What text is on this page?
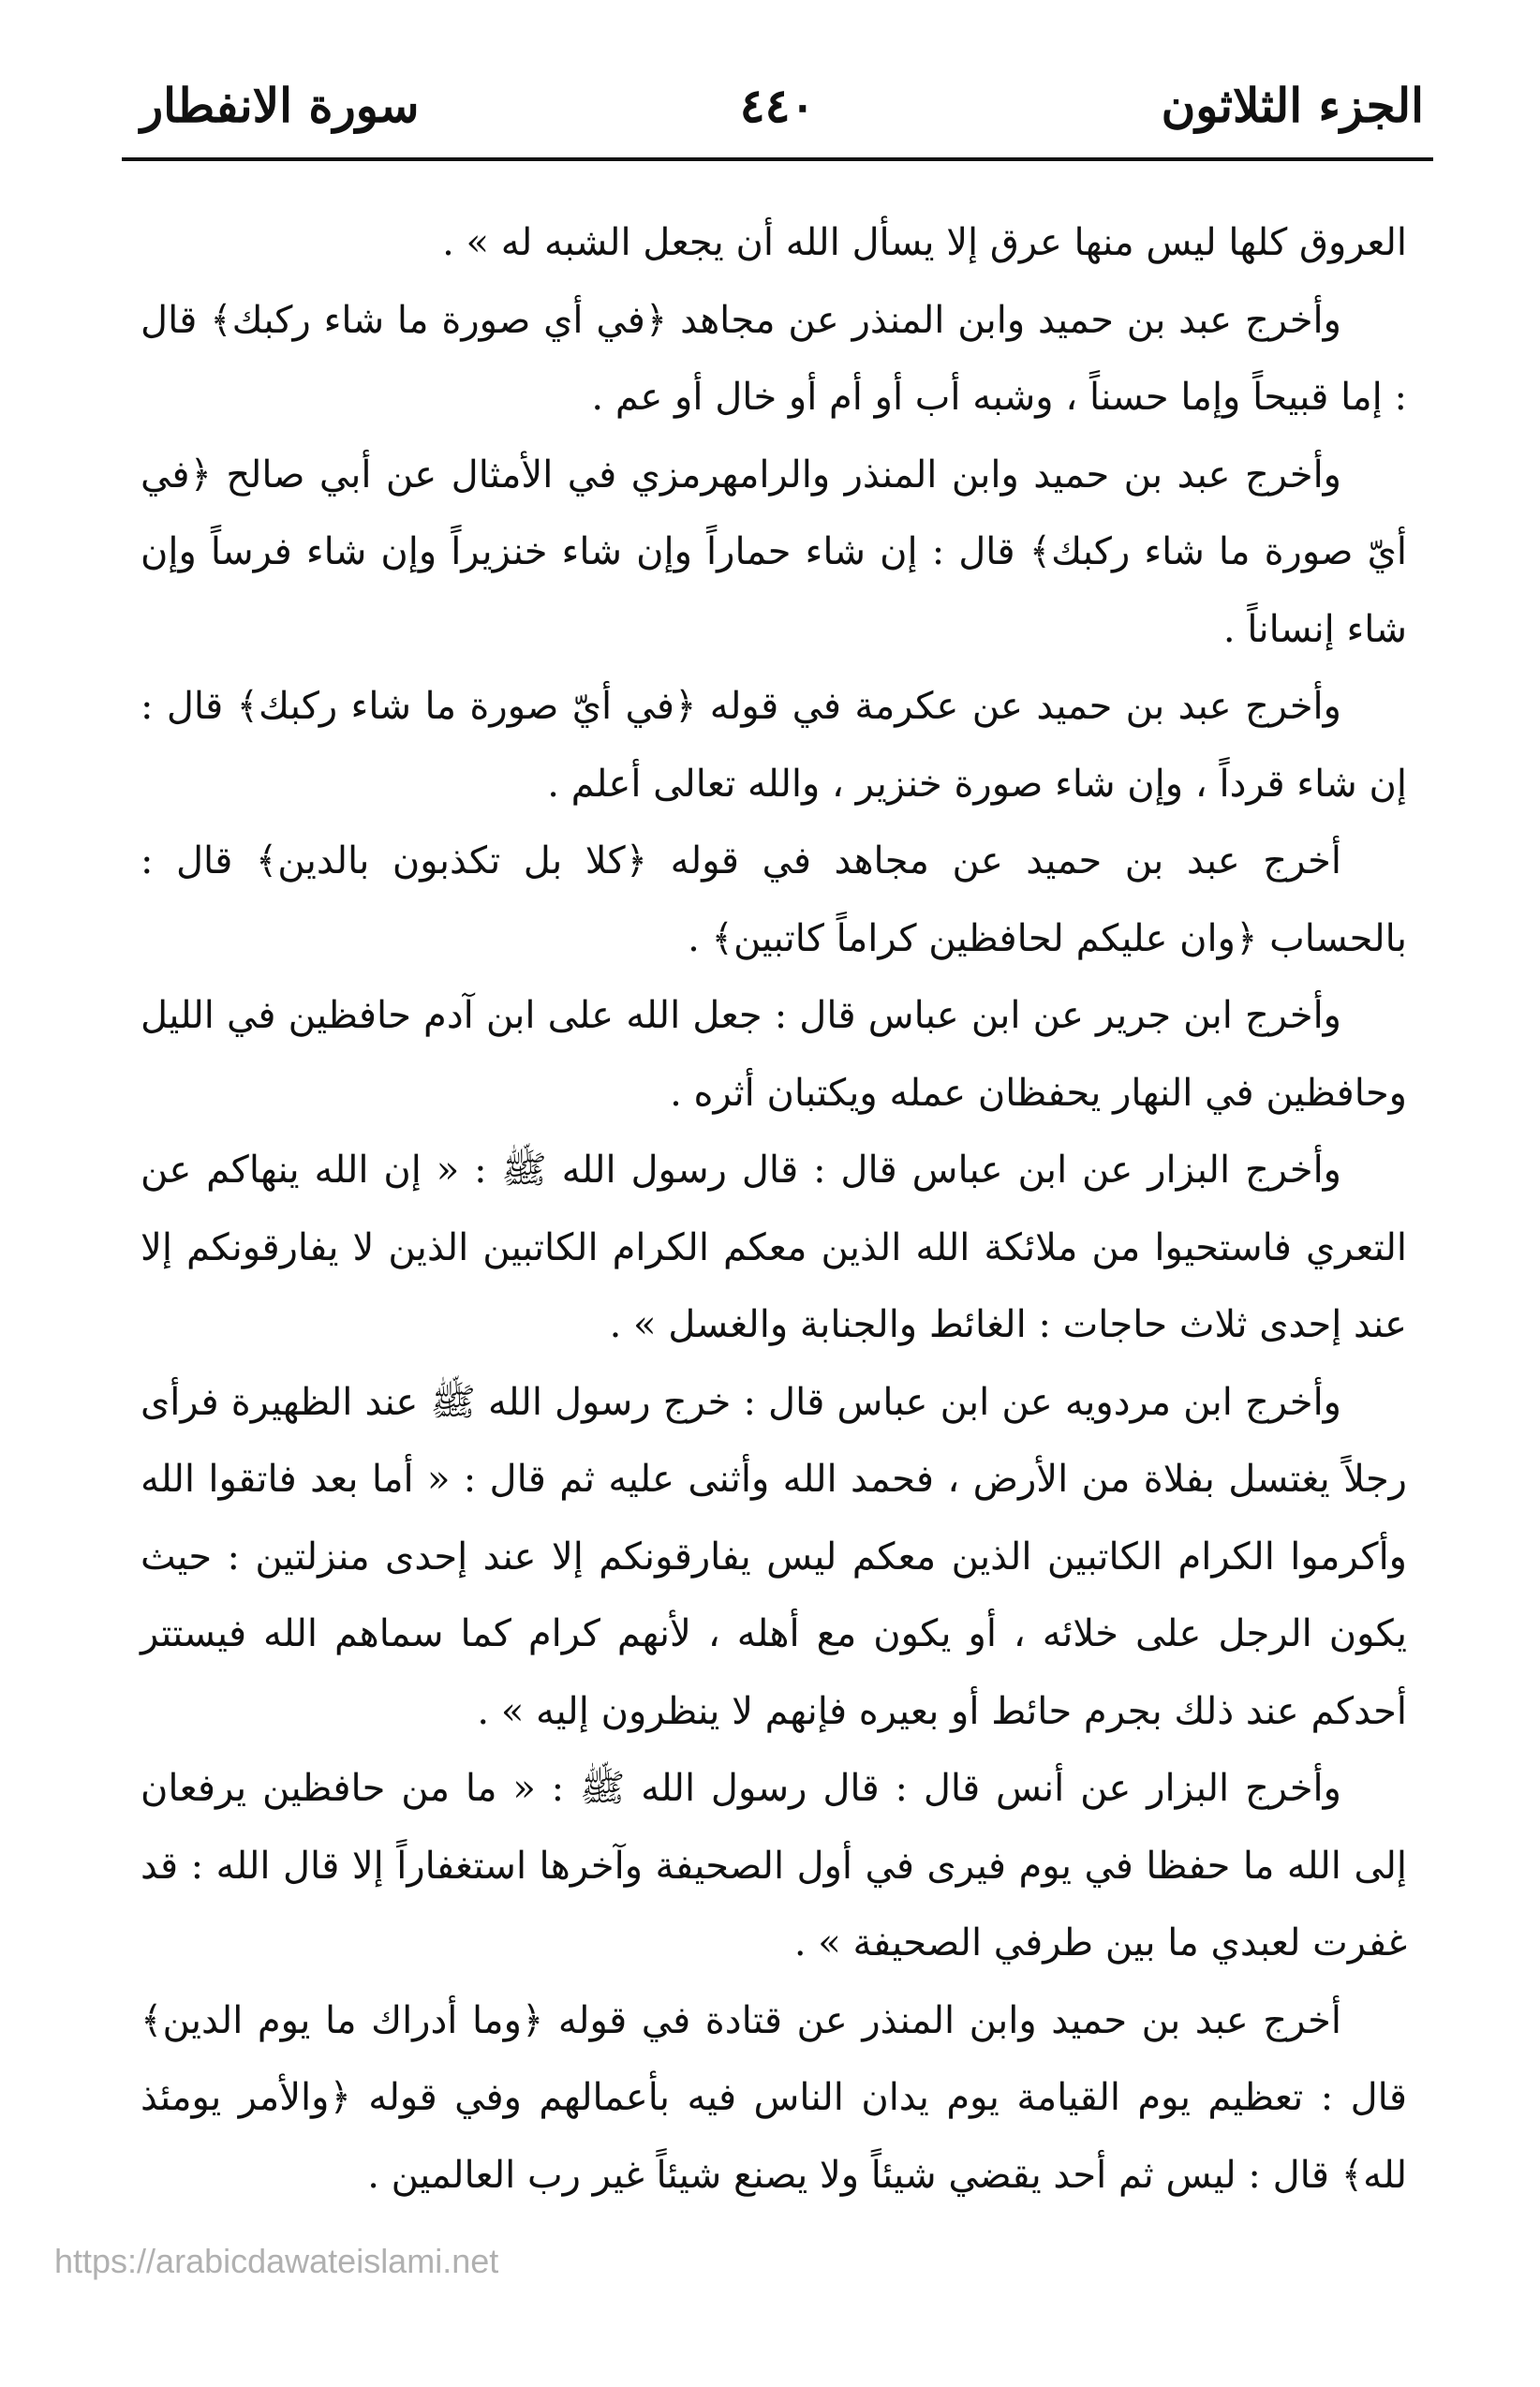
الجزء الثلاثون
٤٤٠
سورة الانفطار

العروق كلها ليس منها عرق إلا يسأل الله أن يجعل الشبه له » .

وأخرج عبد بن حميد وابن المنذر عن مجاهد ﴿في أي صورة ما شاء ركبك﴾ قال : إما قبيحاً وإما حسناً ، وشبه أب أو أم أو خال أو عم .

وأخرج عبد بن حميد وابن المنذر والرامهرمزي في الأمثال عن أبي صالح ﴿في أيّ صورة ما شاء ركبك﴾ قال : إن شاء حماراً وإن شاء خنزيراً وإن شاء فرساً وإن شاء إنساناً .

وأخرج عبد بن حميد عن عكرمة في قوله ﴿في أيّ صورة ما شاء ركبك﴾ قال : إن شاء قرداً ، وإن شاء صورة خنزير ، والله تعالى أعلم .

أخرج عبد بن حميد عن مجاهد في قوله ﴿كلا بل تكذبون بالدين﴾ قال : بالحساب ﴿وان عليكم لحافظين كراماً كاتبين﴾ .

وأخرج ابن جرير عن ابن عباس قال : جعل الله على ابن آدم حافظين في الليل وحافظين في النهار يحفظان عمله ويكتبان أثره .

وأخرج البزار عن ابن عباس قال : قال رسول الله ﷺ : « إن الله ينهاكم عن التعري فاستحيوا من ملائكة الله الذين معكم الكرام الكاتبين الذين لا يفارقونكم إلا عند إحدى ثلاث حاجات : الغائط والجنابة والغسل » .

وأخرج ابن مردويه عن ابن عباس قال : خرج رسول الله ﷺ عند الظهيرة فرأى رجلاً يغتسل بفلاة من الأرض ، فحمد الله وأثنى عليه ثم قال : « أما بعد فاتقوا الله وأكرموا الكرام الكاتبين الذين معكم ليس يفارقونكم إلا عند إحدى منزلتين : حيث يكون الرجل على خلائه ، أو يكون مع أهله ، لأنهم كرام كما سماهم الله فيستتر أحدكم عند ذلك بجرم حائط أو بعيره فإنهم لا ينظرون إليه » .

وأخرج البزار عن أنس قال : قال رسول الله ﷺ : « ما من حافظين يرفعان إلى الله ما حفظا في يوم فيرى في أول الصحيفة وآخرها استغفاراً إلا قال الله : قد غفرت لعبدي ما بين طرفي الصحيفة » .

أخرج عبد بن حميد وابن المنذر عن قتادة في قوله ﴿وما أدراك ما يوم الدين﴾ قال : تعظيم يوم القيامة يوم يدان الناس فيه بأعمالهم وفي قوله ﴿والأمر يومئذ لله﴾ قال : ليس ثم أحد يقضي شيئاً ولا يصنع شيئاً غير رب العالمين .

https://arabicdawateislami.net
